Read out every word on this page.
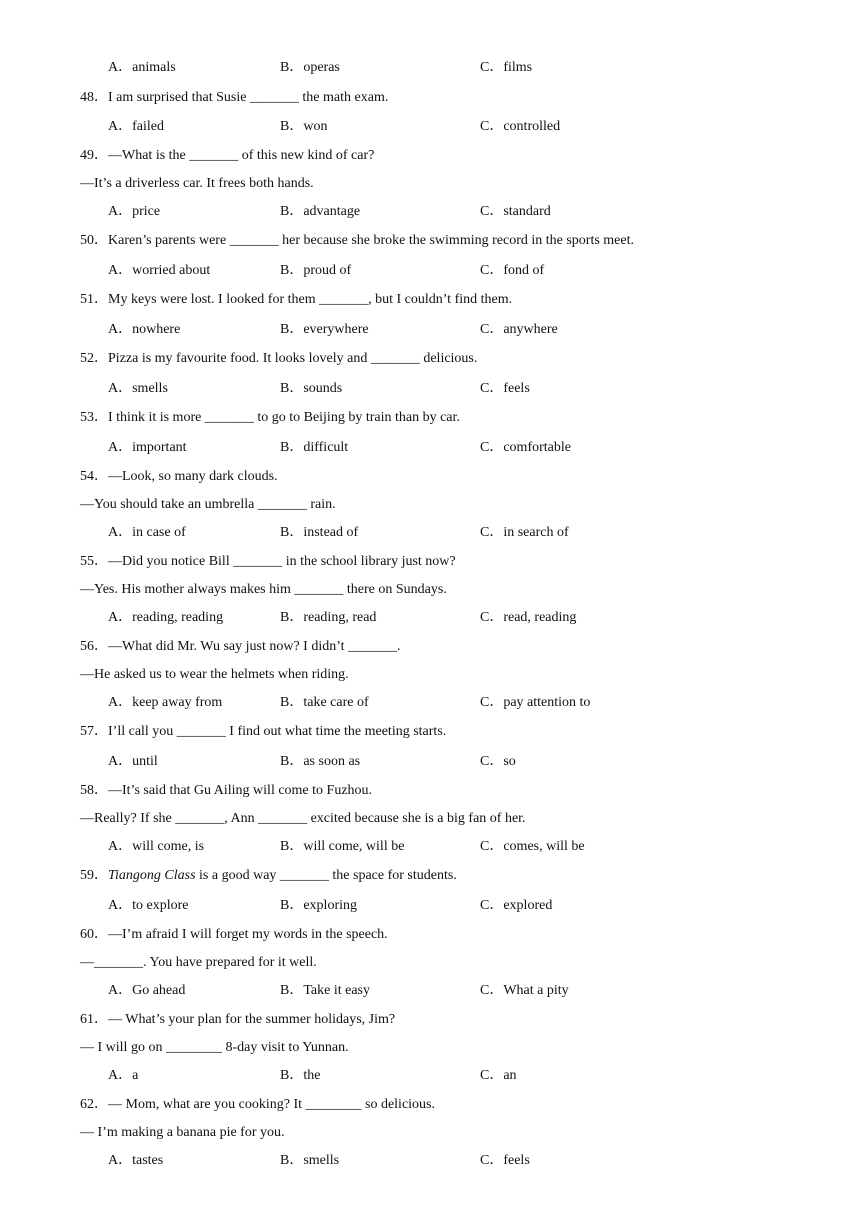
A．animals	B．operas	C．films
48．I am surprised that Susie _______ the math exam.
A．failed	B．won	C．controlled
49．—What is the _______ of this new kind of car?
—It’s a driverless car. It frees both hands.
A．price	B．advantage	C．standard
50．Karen’s parents were _______ her because she broke the swimming record in the sports meet.
A．worried about	B．proud of	C．fond of
51．My keys were lost. I looked for them _______, but I couldn’t find them.
A．nowhere	B．everywhere	C．anywhere
52．Pizza is my favourite food. It looks lovely and _______ delicious.
A．smells	B．sounds	C．feels
53．I think it is more _______ to go to Beijing by train than by car.
A．important	B．difficult	C．comfortable
54．—Look, so many dark clouds.
—You should take an umbrella _______ rain.
A．in case of	B．instead of	C．in search of
55．—Did you notice Bill _______ in the school library just now?
—Yes. His mother always makes him _______ there on Sundays.
A．reading, reading	B．reading, read	C．read, reading
56．—What did Mr. Wu say just now? I didn’t _______.
—He asked us to wear the helmets when riding.
A．keep away from	B．take care of	C．pay attention to
57．I’ll call you _______ I find out what time the meeting starts.
A．until	B．as soon as	C．so
58．—It’s said that Gu Ailing will come to Fuzhou.
—Really? If she _______, Ann _______ excited because she is a big fan of her.
A．will come, is	B．will come, will be	C．comes, will be
59．Tiangong Class is a good way _______ the space for students.
A．to explore	B．exploring	C．explored
60．—I’m afraid I will forget my words in the speech.
—_______. You have prepared for it well.
A．Go ahead	B．Take it easy	C．What a pity
61．— What’s your plan for the summer holidays, Jim?
— I will go on ________ 8-day visit to Yunnan.
A．a	B．the	C．an
62．— Mom, what are you cooking? It ________ so delicious.
— I’m making a banana pie for you.
A．tastes	B．smells	C．feels
